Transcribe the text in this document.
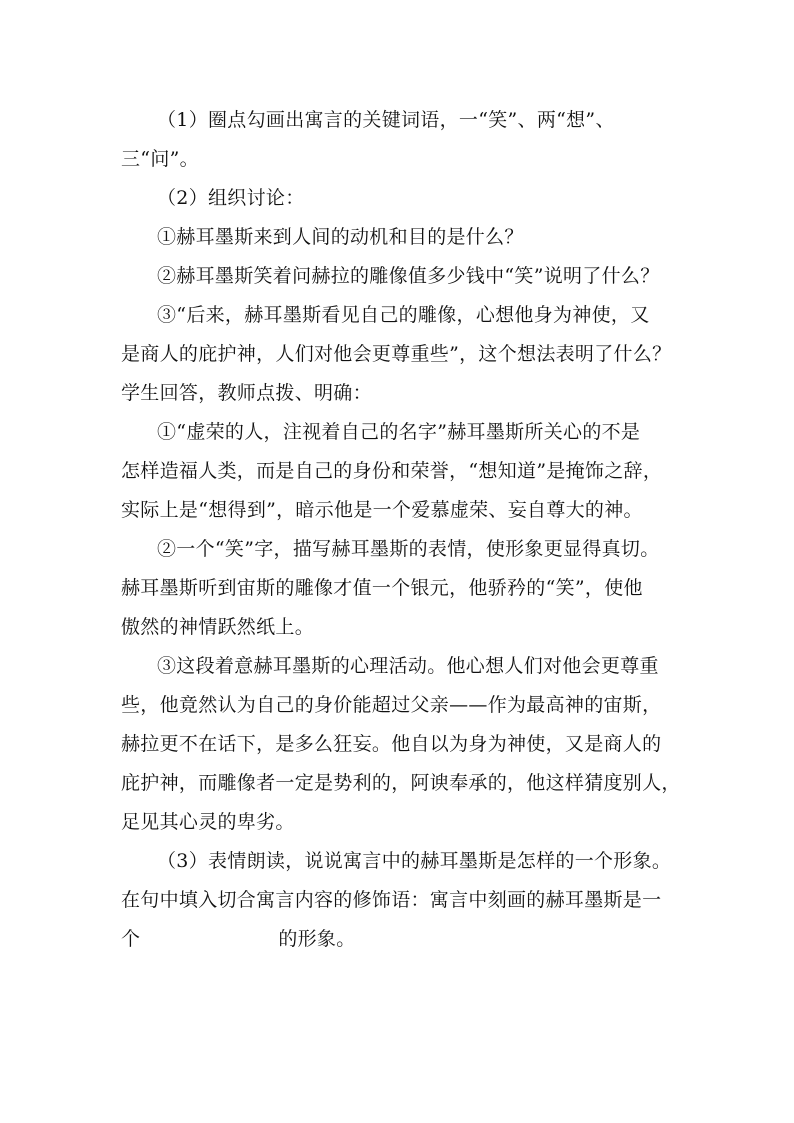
（1）圈点勾画出寓言的关键词语，一“笑”、两“想”、
三“问”。
（2）组织讨论：
①赫耳墨斯来到人间的动机和目的是什么？
②赫耳墨斯笑着问赫拉的雕像值多少钱中“笑”说明了什么？
③“后来，赫耳墨斯看见自己的雕像，心想他身为神使，又
是商人的庇护神，人们对他会更尊重些”，这个想法表明了什么？
学生回答，教师点拨、明确：
①“虚荣的人，注视着自己的名字”赫耳墨斯所关心的不是
怎样造福人类，而是自己的身份和荣誉，“想知道”是掩饰之辞，
实际上是“想得到”，暗示他是一个爱慕虚荣、妄自尊大的神。
②一个“笑”字，描写赫耳墨斯的表情，使形象更显得真切。
赫耳墨斯听到宙斯的雕像才值一个银元，他骄矜的“笑”，使他
傲然的神情跃然纸上。
③这段着意赫耳墨斯的心理活动。他心想人们对他会更尊重
些，他竟然认为自己的身价能超过父亲——作为最高神的宙斯，
赫拉更不在话下，是多么狂妄。他自以为身为神使，又是商人的
庇护神，而雕像者一定是势利的，阿谀奉承的，他这样猜度别人，
足见其心灵的卑劣。
（3）表情朗读，说说寓言中的赫耳墨斯是怎样的一个形象。
在句中填入切合寓言内容的修饰语：寓言中刻画的赫耳墨斯是一
个	的形象。
